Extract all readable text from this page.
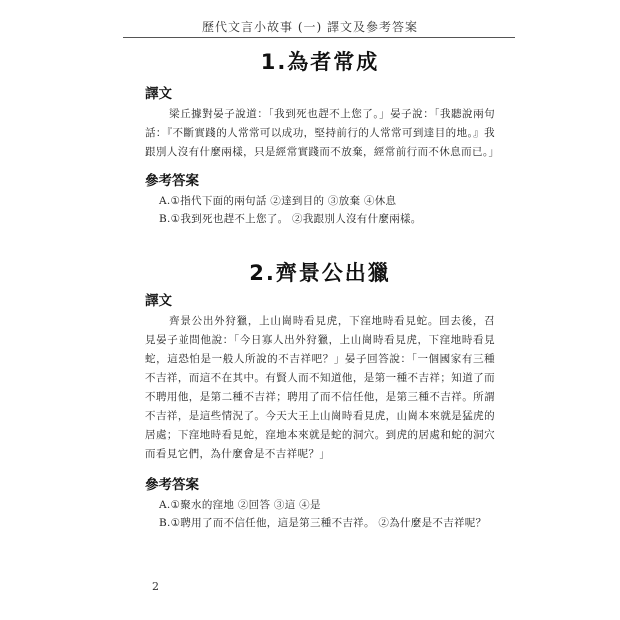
歷代文言小故事 (一) 譯文及參考答案
1.為者常成
譯文

梁丘據對晏子說道：「我到死也趕不上您了。」晏子說：「我聽說兩句話：『不斷實踐的人常常可以成功，堅持前行的人常常可到達目的地。』我跟別人沒有什麼兩樣，只是經常實踐而不放棄，經常前行而不休息而已。」

參考答案

A.①指代下面的兩句話 ②達到目的 ③放棄 ④休息

B.①我到死也趕不上您了。 ②我跟別人沒有什麼兩樣。

2.齊景公出獵
譯文

齊景公出外狩獵，上山崗時看見虎，下窪地時看見蛇。回去後，召見晏子並問他說：「今日寡人出外狩獵，上山崗時看見虎，下窪地時看見蛇，這恐怕是一般人所說的不吉祥吧？」晏子回答說：「一個國家有三種不吉祥，而這不在其中。有賢人而不知道他，是第一種不吉祥；知道了而不聘用他，是第二種不吉祥；聘用了而不信任他，是第三種不吉祥。所謂不吉祥，是這些情況了。今天大王上山崗時看見虎，山崗本來就是猛虎的居處；下窪地時看見蛇，窪地本來就是蛇的洞穴。到虎的居處和蛇的洞穴而看見它們，為什麼會是不吉祥呢？」

參考答案

A.①聚水的窪地 ②回答 ③這 ④是

B.①聘用了而不信任他，這是第三種不吉祥。 ②為什麼是不吉祥呢？

2
